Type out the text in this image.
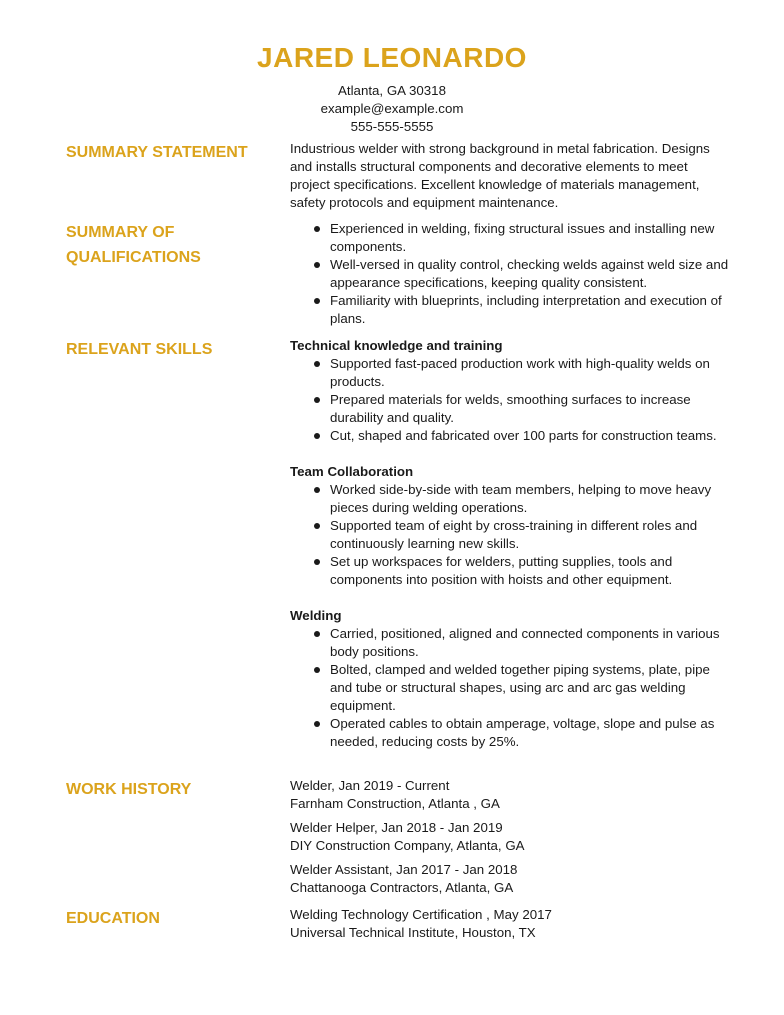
JARED LEONARDO
Atlanta, GA 30318
example@example.com
555-555-5555
SUMMARY STATEMENT	Industrious welder with strong background in metal fabrication. Designs and installs structural components and decorative elements to meet project specifications. Excellent knowledge of materials management, safety protocols and equipment maintenance.

SUMMARY OF
QUALIFICATIONS
Experienced in welding, fixing structural issues and installing new components.
Well-versed in quality control, checking welds against weld size and appearance specifications, keeping quality consistent.
Familiarity with blueprints, including interpretation and execution of plans.
RELEVANT SKILLS	Technical knowledge and training
Supported fast-paced production work with high-quality welds on products.
Prepared materials for welds, smoothing surfaces to increase durability and quality.
Cut, shaped and fabricated over 100 parts for construction teams.
Team Collaboration
Worked side-by-side with team members, helping to move heavy pieces during welding operations.
Supported team of eight by cross-training in different roles and continuously learning new skills.
Set up workspaces for welders, putting supplies, tools and components into position with hoists and other equipment.
Welding
Carried, positioned, aligned and connected components in various body positions.
Bolted, clamped and welded together piping systems, plate, pipe and tube or structural shapes, using arc and arc gas welding equipment.
Operated cables to obtain amperage, voltage, slope and pulse as needed, reducing costs by 25%.
WORK HISTORY	Welder, Jan 2019 - Current
Farnham Construction, Atlanta , GA
Welder Helper, Jan 2018 - Jan 2019
DIY Construction Company, Atlanta, GA
Welder Assistant, Jan 2017 - Jan 2018
Chattanooga Contractors, Atlanta, GA
EDUCATION	Welding Technology Certification , May 2017
Universal Technical Institute, Houston, TX
